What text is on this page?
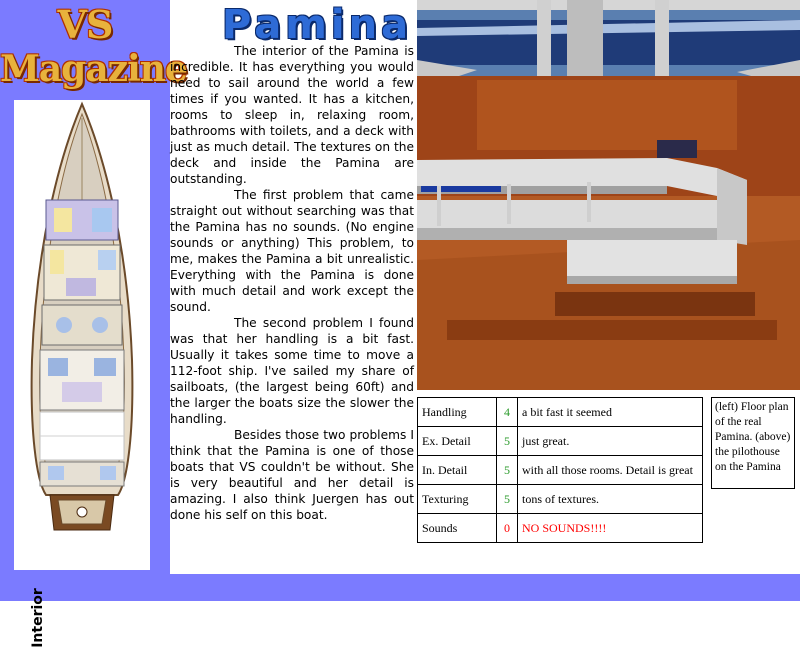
VS
Magazine
Interior
Pamina

The interior of the Pamina is incredible. It has everything you would need to sail around the world a few times if you wanted. It has a kitchen, rooms to sleep in, relaxing room, bathrooms with toilets, and a deck with just as much detail. The textures on the deck and inside the Pamina are outstanding.

The first problem that came straight out without searching was that the Pamina has no sounds. (No engine sounds or anything) This problem, to me, makes the Pamina a bit unrealistic. Everything with the Pamina is done with much detail and work except the sound.

The second problem I found was that her handling is a bit fast. Usually it takes some time to move a 112-foot ship. I've sailed my share of sailboats, (the largest being 60ft) and the larger the boats size the slower the handling.

Besides those two problems I think that the Pamina is one of those boats that VS couldn't be without. She is very beautiful and her detail is amazing. I also think Juergen has out done his self on this boat.

Handling	4	a bit fast it seemed
Ex. Detail	5	just great.
In. Detail	5	with all those rooms. Detail is great
Texturing	5	tons of textures.
Sounds	0	NO SOUNDS!!!!
(left) Floor plan of the real Pamina. (above) the pilothouse on the Pamina
